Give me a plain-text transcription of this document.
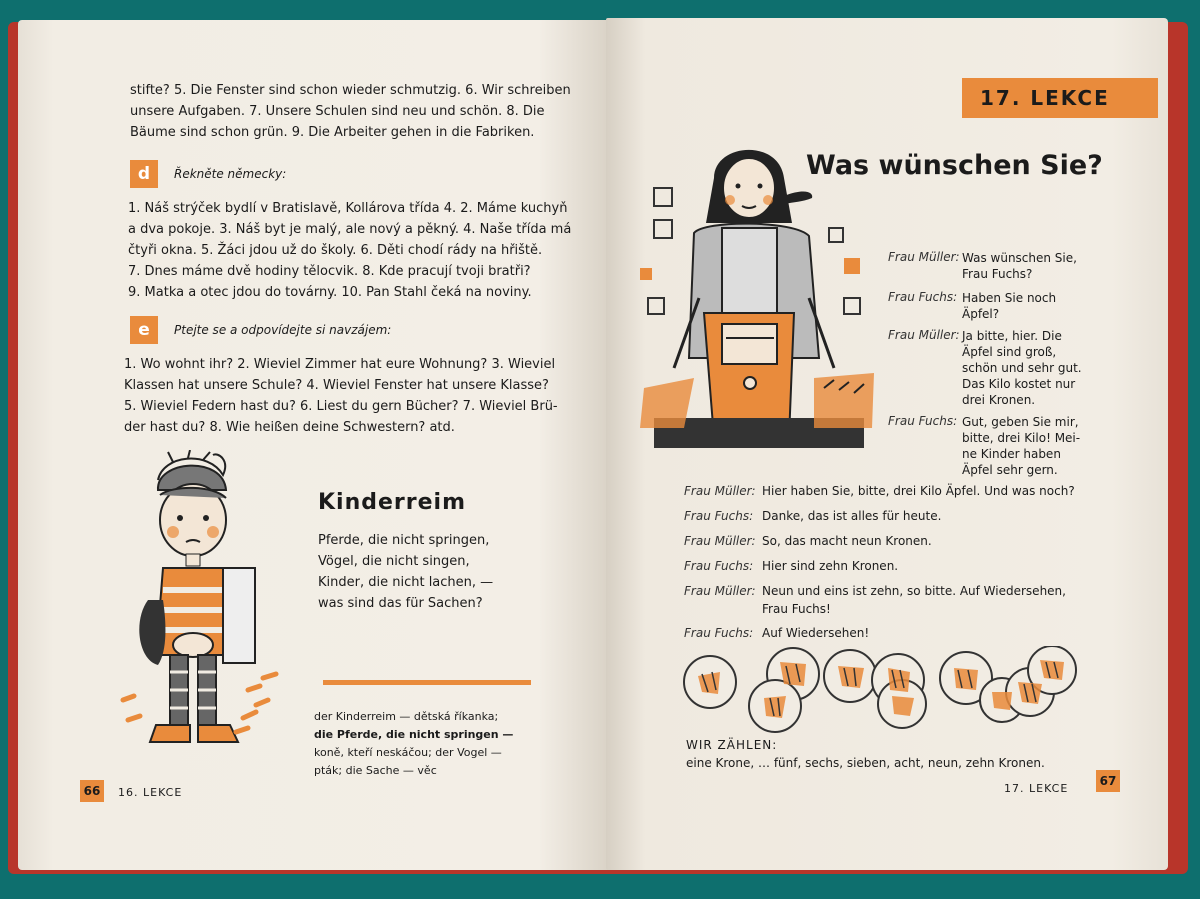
stifte? 5. Die Fenster sind schon wieder schmutzig. 6. Wir schreiben
unsere Aufgaben. 7. Unsere Schulen sind neu und schön. 8. Die
Bäume sind schon grün. 9. Die Arbeiter gehen in die Fabriken.
d	Řekněte německy:
1. Náš strýček bydlí v Bratislavě, Kollárova třída 4. 2. Máme kuchyň
a dva pokoje. 3. Náš byt je malý, ale nový a pěkný. 4. Naše třída má
čtyři okna. 5. Žáci jdou už do školy. 6. Děti chodí rády na hřiště.
7. Dnes máme dvě hodiny tělocvik. 8. Kde pracují tvoji bratři?
9. Matka a otec jdou do továrny. 10. Pan Stahl čeká na noviny.
e	Ptejte se a odpovídejte si navzájem:
1. Wo wohnt ihr? 2. Wieviel Zimmer hat eure Wohnung? 3. Wieviel
Klassen hat unsere Schule? 4. Wieviel Fenster hat unsere Klasse?
5. Wieviel Federn hast du? 6. Liest du gern Bücher? 7. Wieviel Brü-
der hast du? 8. Wie heißen deine Schwestern? atd.
Kinderreim
Pferde, die nicht springen,
Vögel, die nicht singen,
Kinder, die nicht lachen, —
was sind das für Sachen?
der Kinderreim — dětská říkanka;
die Pferde, die nicht springen —
koně, kteří neskáčou; der Vogel —
pták; die Sache — věc
66	16. LEKCE
17. LEKCE
Was wünschen Sie?
Frau Müller: Was wünschen Sie,
Frau Fuchs?
Frau Fuchs: Haben Sie noch
Äpfel?
Frau Müller: Ja bitte, hier. Die
Äpfel sind groß,
schön und sehr gut.
Das Kilo kostet nur
drei Kronen.
Frau Fuchs: Gut, geben Sie mir,
bitte, drei Kilo! Mei-
ne Kinder haben
Äpfel sehr gern.
Frau Müller: Hier haben Sie, bitte, drei Kilo Äpfel. Und was noch?
Frau Fuchs: Danke, das ist alles für heute.
Frau Müller: So, das macht neun Kronen.
Frau Fuchs: Hier sind zehn Kronen.
Frau Müller: Neun und eins ist zehn, so bitte. Auf Wiedersehen,
Frau Fuchs!
Frau Fuchs: Auf Wiedersehen!
WIR ZÄHLEN:
eine Krone, … fünf, sechs, sieben, acht, neun, zehn Kronen.
17. LEKCE
67
